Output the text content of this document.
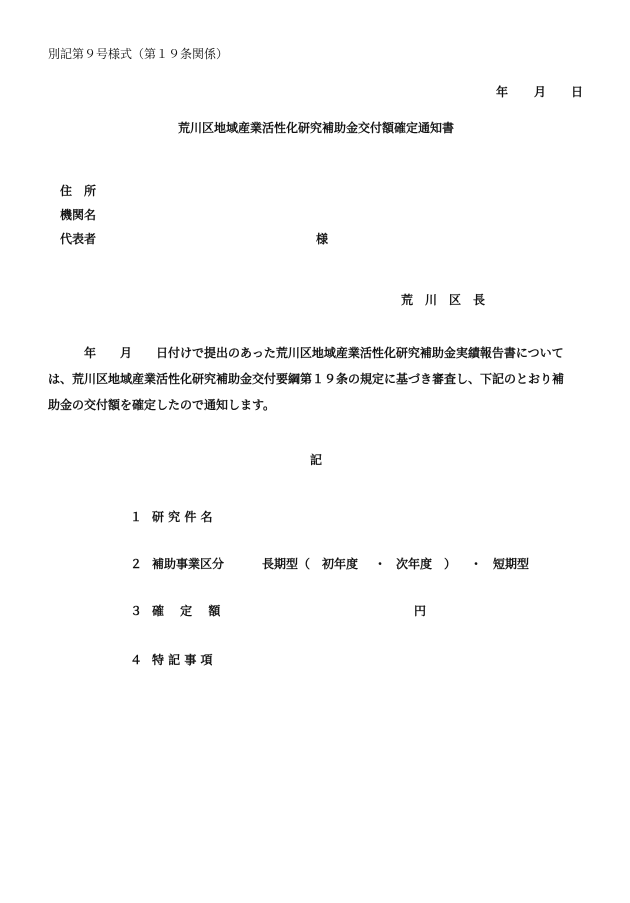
別記第９号様式（第１９条関係）
年 月 日
荒川区地域産業活性化研究補助金交付額確定通知書
住　所
機関名
代表者	様
荒　川　区　長
年 月 日付けで提出のあった荒川区地域産業活性化研究補助金実績報告書について
は、荒川区地域産業活性化研究補助金交付要綱第１９条の規定に基づき審査し、下記のとおり補
助金の交付額を確定したので通知します。
記
１ 研 究 件 名
２ 補助事業区分	長期型（ 初年度 ・ 次年度 ） ・ 短期型
３ 確　 定　 額	円
４ 特 記 事 項
